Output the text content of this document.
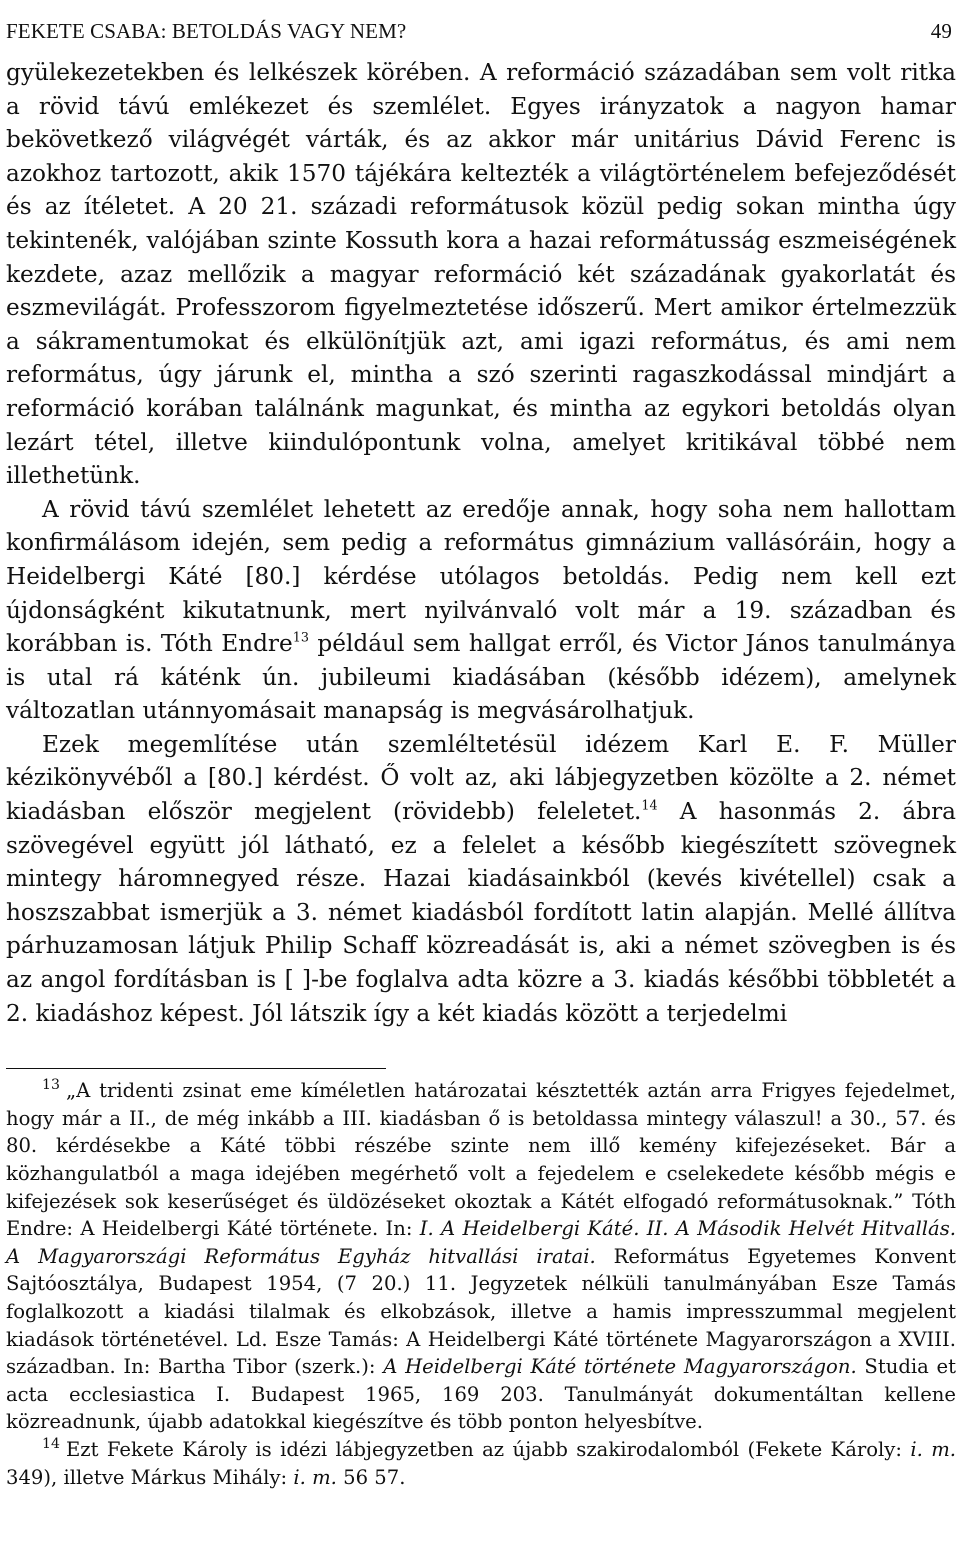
FEKETE CSABA: BETOLDÁS VAGY NEM?	49

gyülekezetekben és lelkészek körében. A reformáció századában sem volt ritka a rövid távú emlékezet és szemlélet. Egyes irányzatok a nagyon hamar bekövetkező világvégét várták, és az akkor már unitárius Dávid Ferenc is azokhoz tartozott, akik 1570 tájékára keltezték a világtörténelem befejeződését és az ítéletet. A 20 21. századi reformátusok közül pedig sokan mintha úgy tekintenék, valójában szinte Kossuth kora a hazai reformátusság eszmeiségének kezdete, azaz mellőzik a magyar reformáció két századának gyakorlatát és eszmevilágát. Professzorom figyelmeztetése időszerű. Mert amikor értelmezzük a sákramentumokat és elkülönítjük azt, ami igazi református, és ami nem református, úgy járunk el, mintha a szó szerinti ragaszkodással mindjárt a reformáció korában találnánk magunkat, és mintha az egykori betoldás olyan lezárt tétel, illetve kiindulópontunk volna, amelyet kritikával többé nem illethetünk.

A rövid távú szemlélet lehetett az eredője annak, hogy soha nem hallottam konfirmálásom idején, sem pedig a református gimnázium vallásóráin, hogy a Heidelbergi Káté [80.] kérdése utólagos betoldás. Pedig nem kell ezt újdonságként kikutatnunk, mert nyilvánvaló volt már a 19. században és korábban is. Tóth Endre$^{13}$ például sem hallgat erről, és Victor János tanulmánya is utal rá káténk ún. jubileumi kiadásában (később idézem), amelynek változatlan utánnyomásait manapság is megvásárolhatjuk.

Ezek megemlítése után szemléltetésül idézem Karl E. F. Müller kézikönyvéből a [80.] kérdést. Ő volt az, aki lábjegyzetben közölte a 2. német kiadásban először megjelent (rövidebb) feleletet.$^{14}$ A hasonmás 2. ábra szövegével együtt jól látható, ez a felelet a később kiegészített szövegnek mintegy háromnegyed része. Hazai kiadásainkból (kevés kivétellel) csak a hoszszabbat ismerjük a 3. német kiadásból fordított latin alapján. Mellé állítva párhuzamosan látjuk Philip Schaff közreadását is, aki a német szövegben is és az angol fordításban is [ ]-be foglalva adta közre a 3. kiadás későbbi többletét a 2. kiadáshoz képest. Jól látszik így a két kiadás között a terjedelmi

$^{13}$ „A tridenti zsinat eme kíméletlen határozatai késztették aztán arra Frigyes fejedelmet, hogy már a II., de még inkább a III. kiadásban ő is betoldassa mintegy válaszul! a 30., 57. és 80. kérdésekbe a Káté többi részébe szinte nem illő kemény kifejezéseket. Bár a közhangulatból a maga idejében megérhető volt a fejedelem e cselekedete később mégis e kifejezések sok keserűséget és üldözéseket okoztak a Kátét elfogadó reformátusoknak.” Tóth Endre: A Heidelbergi Káté története. In: I. A Heidelbergi Káté. II. A Második Helvét Hitvallás. A Magyarországi Református Egyház hitvallási iratai. Református Egyetemes Konvent Sajtóosztálya, Budapest 1954, (7 20.) 11. Jegyzetek nélküli tanulmányában Esze Tamás foglalkozott a kiadási tilalmak és elkobzások, illetve a hamis impresszummal megjelent kiadások történetével. Ld. Esze Tamás: A Heidelbergi Káté története Magyarországon a XVIII. században. In: Bartha Tibor (szerk.): A Heidelbergi Káté története Magyarországon. Studia et acta ecclesiastica I. Budapest 1965, 169 203. Tanulmányát dokumentáltan kellene közreadnunk, újabb adatokkal kiegészítve és több ponton helyesbítve.

$^{14}$ Ezt Fekete Károly is idézi lábjegyzetben az újabb szakirodalomból (Fekete Károly: i. m. 349), illetve Márkus Mihály: i. m. 56 57.
